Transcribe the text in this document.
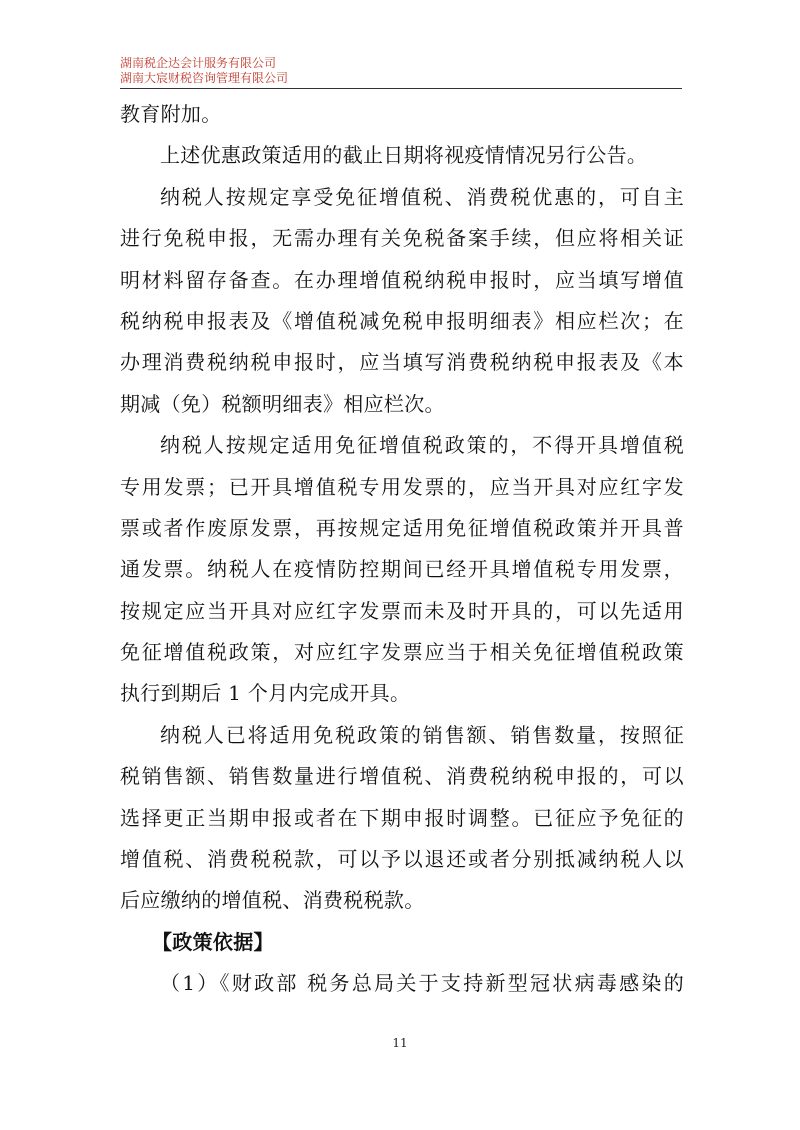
湖南税企达会计服务有限公司
湖南大宸财税咨询管理有限公司
教育附加。
上述优惠政策适用的截止日期将视疫情情况另行公告。
纳税人按规定享受免征增值税、消费税优惠的，可自主
进行免税申报，无需办理有关免税备案手续，但应将相关证
明材料留存备查。在办理增值税纳税申报时，应当填写增值
税纳税申报表及《增值税减免税申报明细表》相应栏次；在
办理消费税纳税申报时，应当填写消费税纳税申报表及《本
期减（免）税额明细表》相应栏次。
纳税人按规定适用免征增值税政策的，不得开具增值税
专用发票；已开具增值税专用发票的，应当开具对应红字发
票或者作废原发票，再按规定适用免征增值税政策并开具普
通发票。纳税人在疫情防控期间已经开具增值税专用发票，
按规定应当开具对应红字发票而未及时开具的，可以先适用
免征增值税政策，对应红字发票应当于相关免征增值税政策
执行到期后 1 个月内完成开具。
纳税人已将适用免税政策的销售额、销售数量，按照征
税销售额、销售数量进行增值税、消费税纳税申报的，可以
选择更正当期申报或者在下期申报时调整。已征应予免征的
增值税、消费税税款，可以予以退还或者分别抵减纳税人以
后应缴纳的增值税、消费税税款。
【政策依据】
（1）《财政部 税务总局关于支持新型冠状病毒感染的
11
